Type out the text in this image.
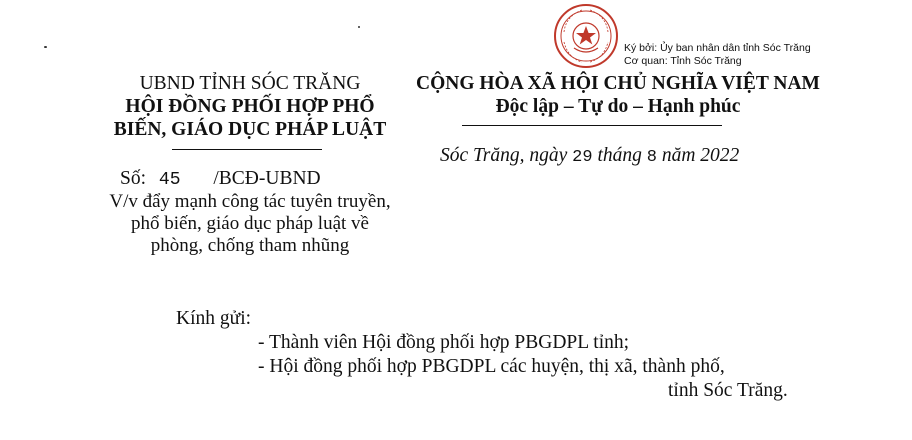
UBND TỈNH SÓC TRĂNG
HỘI ĐỒNG PHỐI HỢP PHỔ
BIẾN, GIÁO DỤC PHÁP LUẬT
CỘNG HÒA XÃ HỘI CHỦ NGHĨA VIỆT NAM
Độc lập – Tự do – Hạnh phúc
Ký bởi: Ủy ban nhân dân tỉnh Sóc Trăng
Cơ quan: Tỉnh Sóc Trăng
Sóc Trăng, ngày 29 tháng 8 năm 2022
Số: 45 /BCĐ-UBND
V/v đẩy mạnh công tác tuyên truyền,
phổ biến, giáo dục pháp luật về
phòng, chống tham nhũng
Kính gửi:
- Thành viên Hội đồng phối hợp PBGDPL tỉnh;
- Hội đồng phối hợp PBGDPL các huyện, thị xã, thành phố,
tỉnh Sóc Trăng.
